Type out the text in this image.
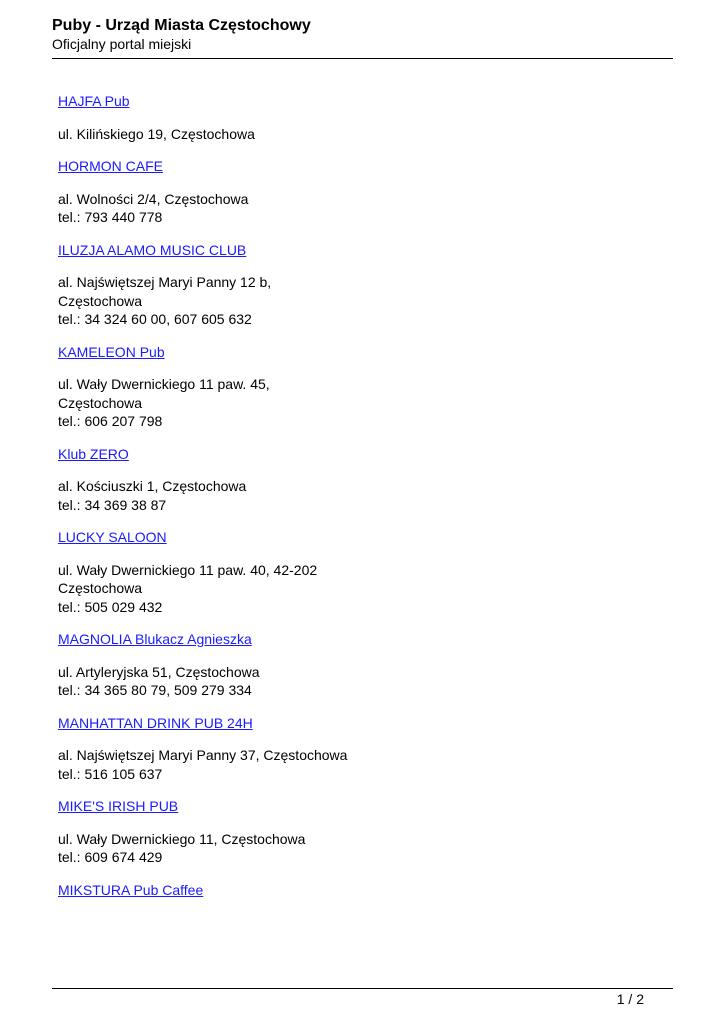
Puby - Urząd Miasta Częstochowy
Oficjalny portal miejski
HAJFA Pub
ul. Kilińskiego 19, Częstochowa
HORMON CAFE
al. Wolności 2/4, Częstochowa
tel.: 793 440 778
ILUZJA ALAMO MUSIC CLUB
al. Najświętszej Maryi Panny 12 b,
Częstochowa
tel.: 34 324 60 00, 607 605 632
KAMELEON Pub
ul. Wały Dwernickiego 11 paw. 45,
Częstochowa
tel.: 606 207 798
Klub ZERO
al. Kościuszki 1, Częstochowa
tel.: 34 369 38 87
LUCKY SALOON
ul. Wały Dwernickiego 11 paw. 40, 42-202
Częstochowa
tel.: 505 029 432
MAGNOLIA Blukacz Agnieszka
ul. Artyleryjska 51, Częstochowa
tel.: 34 365 80 79, 509 279 334
MANHATTAN DRINK PUB 24H
al. Najświętszej Maryi Panny 37, Częstochowa
tel.: 516 105 637
MIKE'S IRISH PUB
ul. Wały Dwernickiego 11, Częstochowa
tel.: 609 674 429
MIKSTURA Pub Caffee
1 / 2
